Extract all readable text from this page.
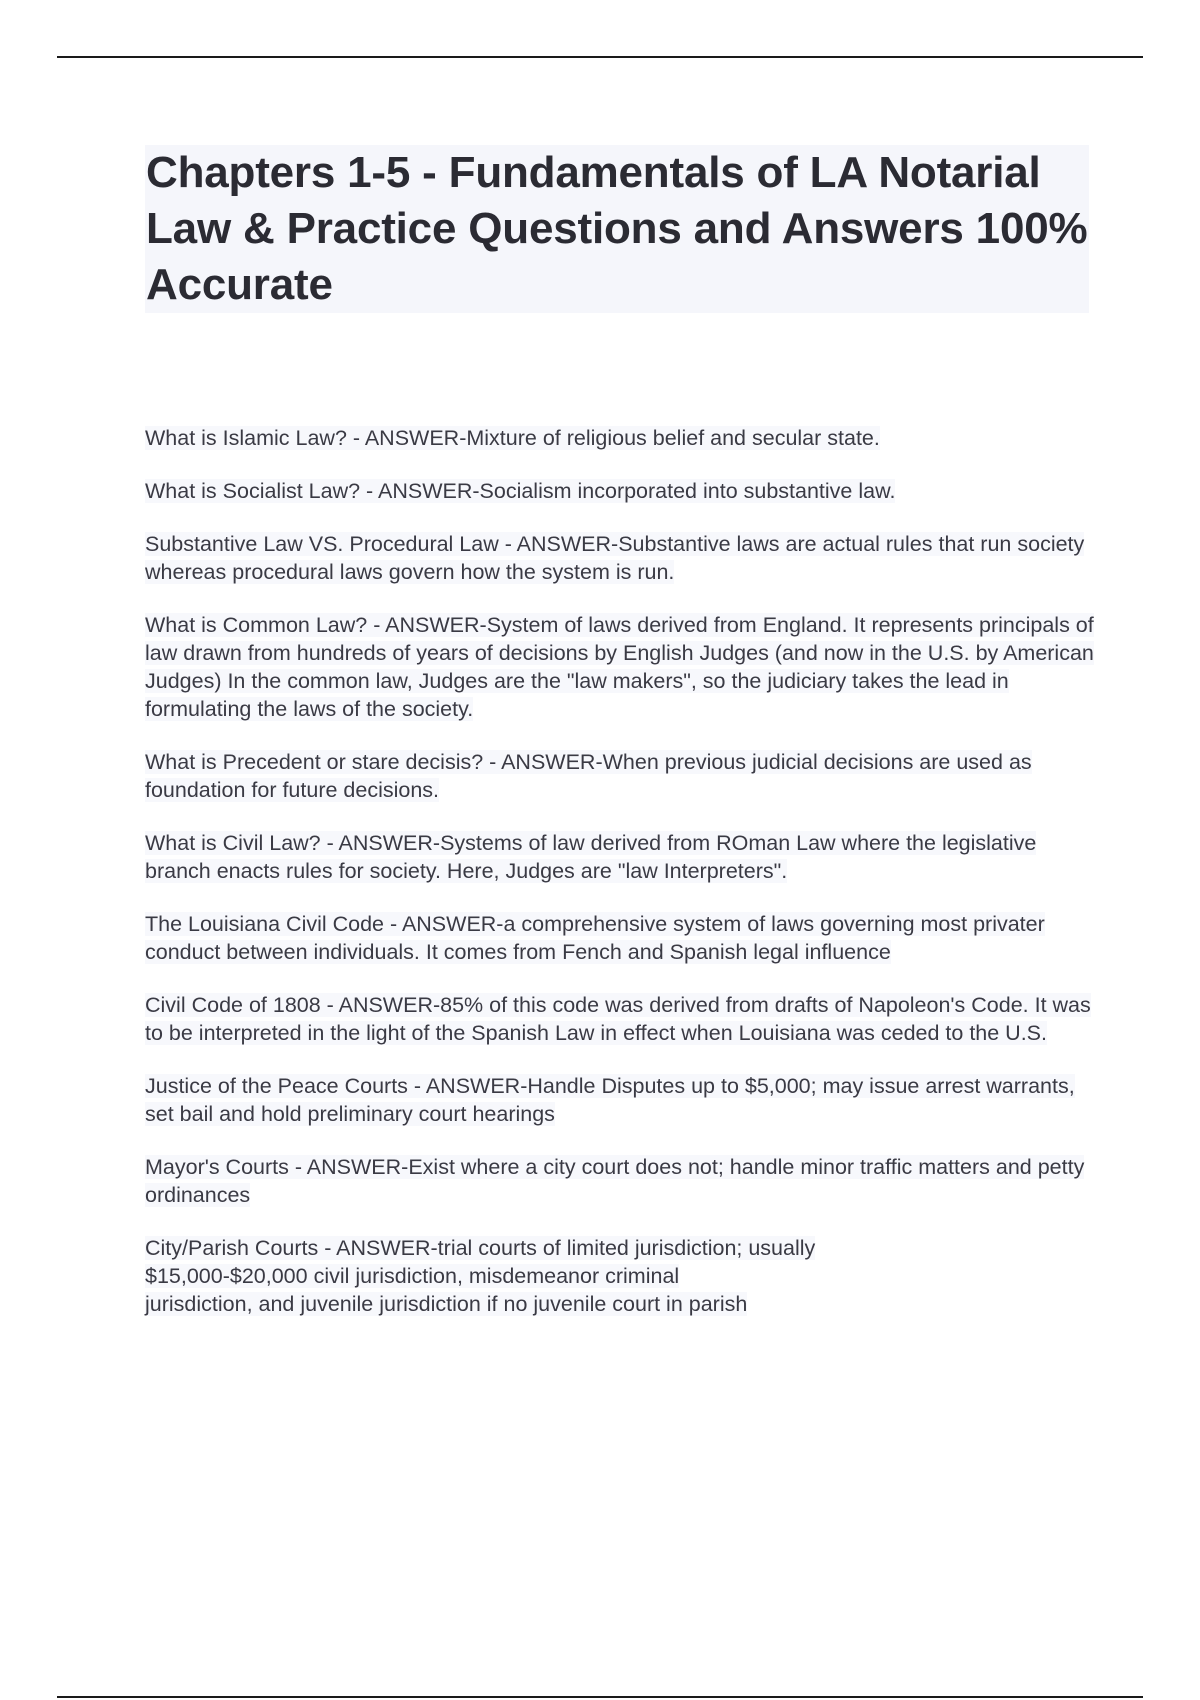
Chapters 1-5 - Fundamentals of LA Notarial Law & Practice Questions and Answers 100% Accurate

What is Islamic Law? - ANSWER-Mixture of religious belief and secular state.

What is Socialist Law? - ANSWER-Socialism incorporated into substantive law.

Substantive Law VS. Procedural Law - ANSWER-Substantive laws are actual rules that run society whereas procedural laws govern how the system is run.

What is Common Law? - ANSWER-System of laws derived from England. It represents principals of law drawn from hundreds of years of decisions by English Judges (and now in the U.S. by American Judges) In the common law, Judges are the "law makers", so the judiciary takes the lead in formulating the laws of the society.

What is Precedent or stare decisis? - ANSWER-When previous judicial decisions are used as foundation for future decisions.

What is Civil Law? - ANSWER-Systems of law derived from ROman Law where the legislative branch enacts rules for society. Here, Judges are "law Interpreters".

The Louisiana Civil Code - ANSWER-a comprehensive system of laws governing most privater conduct between individuals. It comes from Fench and Spanish legal influence

Civil Code of 1808 - ANSWER-85% of this code was derived from drafts of Napoleon's Code. It was to be interpreted in the light of the Spanish Law in effect when Louisiana was ceded to the U.S.

Justice of the Peace Courts - ANSWER-Handle Disputes up to $5,000; may issue arrest warrants, set bail and hold preliminary court hearings

Mayor's Courts - ANSWER-Exist where a city court does not; handle minor traffic matters and petty ordinances

City/Parish Courts - ANSWER-trial courts of limited jurisdiction; usually
$15,000-$20,000 civil jurisdiction, misdemeanor criminal
jurisdiction, and juvenile jurisdiction if no juvenile court in parish
